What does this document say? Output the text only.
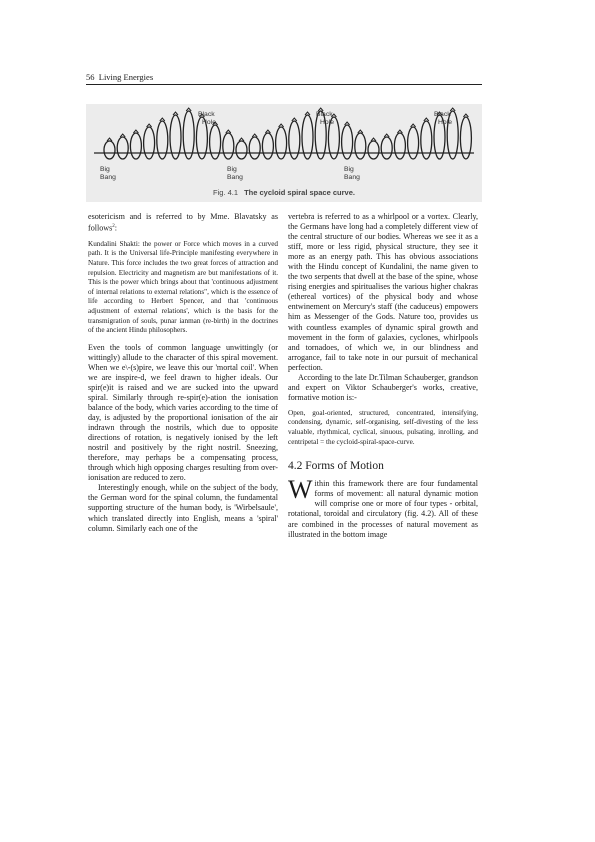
56 Living Energies
Black Hole
Black Hole
Black Hole
Big Bang
Big Bang
Big Bang
Fig. 4.1 The cycloid spiral space curve.

esotericism and is referred to by Mme. Blavatsky as follows$^2$:

Kundalini Shakti: the power or Force which moves in a curved path. It is the Universal life-Principle manifesting everywhere in Nature. This force includes the two great forces of attraction and repulsion. Electricity and magnetism are but manifestations of it. This is the power which brings about that 'continuous adjustment of internal relations to external relations", which is the essence of life according to Herbert Spencer, and that 'continuous adjustment of external relations', which is the basis for the transmigration of souls, punar ianman (re-birth) in the doctrines of the ancient Hindu philosophers.

Even the tools of common language unwittingly (or wittingly) allude to the character of this spiral movement. When we e\-(s)pire, we leave this our 'mortal coil'. When we are inspire-d, we feel drawn to higher ideals. Our spir(e)it is raised and we are sucked into the upward spiral. Similarly through re-spir(e)-ation the ionisation balance of the body, which varies according to the time of day, is adjusted by the proportional ionisation of the air indrawn through the nostrils, which due to opposite directions of rotation, is negatively ionised by the left nostril and positively by the right nostril. Sneezing, therefore, may perhaps be a compensating process, through which high opposing charges resulting from over-ionisation are reduced to zero.

Interestingly enough, while on the subject of the body, the German word for the spinal column, the fundamental supporting structure of the human body, is 'Wirbelsaule', which translated directly into English, means a 'spiral' column. Similarly each one of the

vertebra is referred to as a whirlpool or a vortex. Clearly, the Germans have long had a completely different view of the central structure of our bodies. Whereas we see it as a stiff, more or less rigid, physical structure, they see it more as an energy path. This has obvious associations with the Hindu concept of Kundalini, the name given to the two serpents that dwell at the base of the spine, whose rising energies and spiritualises the various higher chakras (ethereal vortices) of the physical body and whose entwinement on Mercury's staff (the caduceus) empowers him as Messenger of the Gods. Nature too, provides us with countless examples of dynamic spiral growth and movement in the form of galaxies, cyclones, whirlpools and tornadoes, of which we, in our blindness and arrogance, fail to take note in our pursuit of mechanical perfection.

According to the late Dr.Tilman Schauberger, grandson and expert on Viktor Schauberger's works, creative, formative motion is:-

Open, goal-oriented, structured, concentrated, intensifying, condensing, dynamic, self-organising, self-divesting of the less valuable, rhythmical, cyclical, sinuous, pulsating, inrolling, and centripetal = the cycloid-spiral-space-curve.

4.2 Forms of Motion

Within this framework there are four fundamental forms of movement: all natural dynamic motion will comprise one or more of four types - orbital, rotational, toroidal and circulatory (fig. 4.2). All of these are combined in the processes of natural movement as illustrated in the bottom image
